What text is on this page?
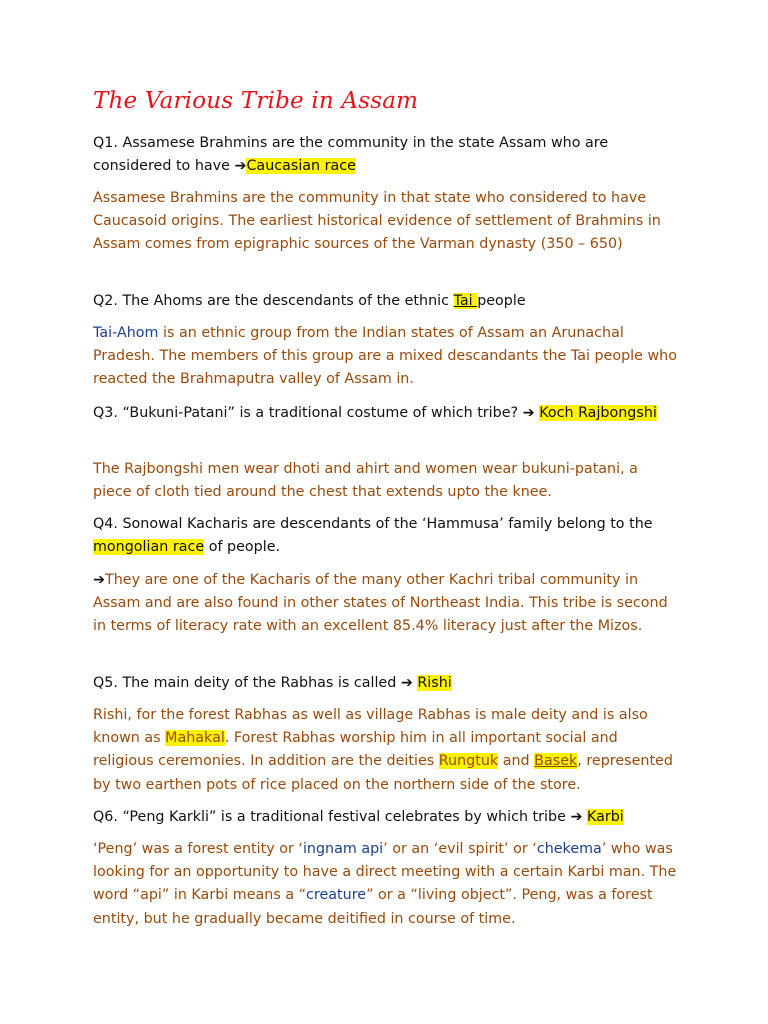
The Various Tribe in Assam

Q1. Assamese Brahmins are the community in the state Assam who are considered to have ➔Caucasian race

Assamese Brahmins are the community in that state who considered to have Caucasoid origins. The earliest historical evidence of settlement of Brahmins in Assam comes from epigraphic sources of the Varman dynasty (350 – 650)

Q2. The Ahoms are the descendants of the ethnic Tai people

Tai-Ahom is an ethnic group from the Indian states of Assam an Arunachal Pradesh. The members of this group are a mixed descandants the Tai people who reacted the Brahmaputra valley of Assam in.

Q3. “Bukuni-Patani” is a traditional costume of which tribe? ➔ Koch Rajbongshi

The Rajbongshi men wear dhoti and ahirt and women wear bukuni-patani, a piece of cloth tied around the chest that extends upto the knee.

Q4. Sonowal Kacharis are descendants of the ‘Hammusa’ family belong to the mongolian race of people.

➔They are one of the Kacharis of the many other Kachri tribal community in Assam and are also found in other states of Northeast India. This tribe is second in terms of literacy rate with an excellent 85.4% literacy just after the Mizos.

Q5. The main deity of the Rabhas is called ➔ Rishi

Rishi, for the forest Rabhas as well as village Rabhas is male deity and is also known as Mahakal. Forest Rabhas worship him in all important social and religious ceremonies. In addition are the deities Rungtuk and Basek, represented by two earthen pots of rice placed on the northern side of the store.

Q6. “Peng Karkli” is a traditional festival celebrates by which tribe ➔ Karbi

‘Peng’ was a forest entity or ‘ingnam api’ or an ‘evil spirit’ or ‘chekema’ who was looking for an opportunity to have a direct meeting with a certain Karbi man. The word “api” in Karbi means a “creature” or a “living object”. Peng, was a forest entity, but he gradually became deitified in course of time.
